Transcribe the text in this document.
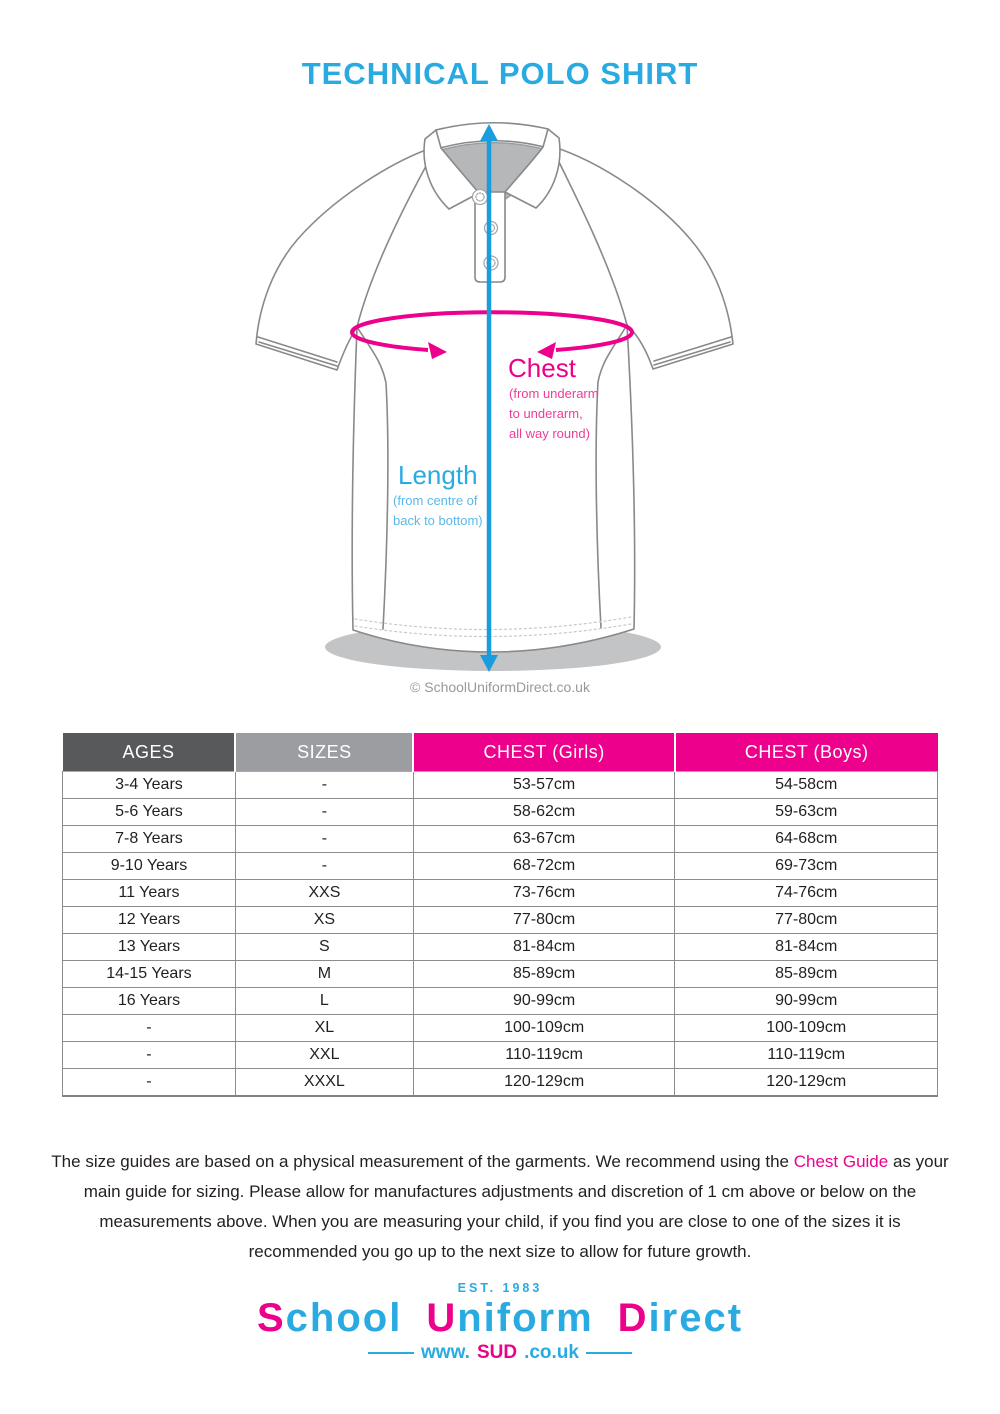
TECHNICAL POLO SHIRT
Chest
(from underarm
to underarm,
all way round)
Length
(from centre of
back to bottom)
© SchoolUniformDirect.co.uk
AGES	SIZES	CHEST (Girls)	CHEST (Boys)
3-4 Years	-	53-57cm	54-58cm
5-6 Years	-	58-62cm	59-63cm
7-8 Years	-	63-67cm	64-68cm
9-10 Years	-	68-72cm	69-73cm
11 Years	XXS	73-76cm	74-76cm
12 Years	XS	77-80cm	77-80cm
13 Years	S	81-84cm	81-84cm
14-15 Years	M	85-89cm	85-89cm
16 Years	L	90-99cm	90-99cm
-	XL	100-109cm	100-109cm
-	XXL	110-119cm	110-119cm
-	XXXL	120-129cm	120-129cm

The size guides are based on a physical measurement of the garments. We recommend using the Chest Guide as your main guide for sizing. Please allow for manufactures adjustments and discretion of 1 cm above or below on the measurements above. When you are measuring your child, if you find you are close to one of the sizes it is recommended you go up to the next size to allow for future growth.

EST. 1983
School Uniform Direct
www. SUD .co.uk
